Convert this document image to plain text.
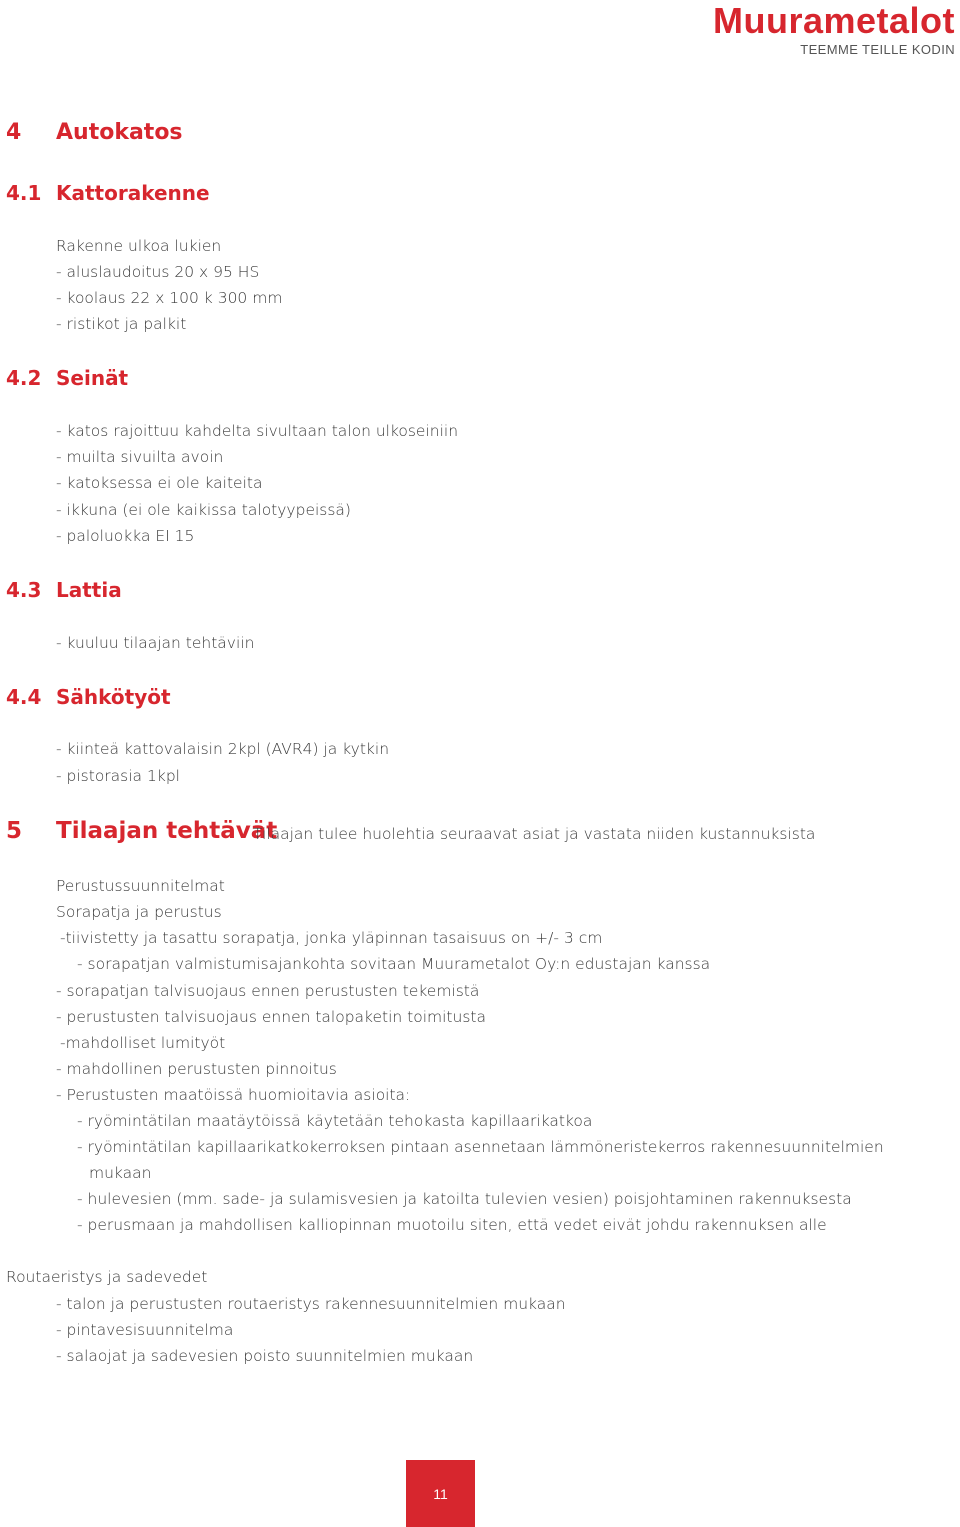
Muurametalot
TEEMME TEILLE KODIN
4 Autokatos
4.1 Kattorakenne
Rakenne ulkoa lukien
- aluslaudoitus 20 x 95 HS
- koolaus 22 x 100 k 300 mm
- ristikot ja palkit
4.2 Seinät
- katos rajoittuu kahdelta sivultaan talon ulkoseiniin
- muilta sivuilta avoin
- katoksessa ei ole kaiteita
- ikkuna (ei ole kaikissa talotyypeissä)
- paloluokka EI 15
4.3 Lattia
- kuuluu tilaajan tehtäviin
4.4 Sähkötyöt
- kiinteä kattovalaisin 2kpl (AVR4) ja kytkin
- pistorasia 1kpl
5 Tilaajan tehtävät
Tilaajan tulee huolehtia seuraavat asiat ja vastata niiden kustannuksista
Perustussuunnitelmat
Sorapatja ja perustus
-tiivistetty ja tasattu sorapatja, jonka yläpinnan tasaisuus on +/- 3 cm
- sorapatjan valmistumisajankohta sovitaan Muurametalot Oy:n edustajan kanssa
- sorapatjan talvisuojaus ennen perustusten tekemistä
- perustusten talvisuojaus ennen talopaketin toimitusta
-mahdolliset lumityöt
- mahdollinen perustusten pinnoitus
- Perustusten maatöissä huomioitavia asioita:
- ryömintätilan maatäytöissä käytetään tehokasta kapillaarikatkoa
- ryömintätilan kapillaarikatkokerroksen pintaan asennetaan lämmöneristekerros rakennesuunnitelmien
mukaan
- hulevesien (mm. sade- ja sulamisvesien ja katoilta tulevien vesien) poisjohtaminen rakennuksesta
- perusmaan ja mahdollisen kalliopinnan muotoilu siten, että vedet eivät johdu rakennuksen alle
Routaeristys ja sadevedet
- talon ja perustusten routaeristys rakennesuunnitelmien mukaan
- pintavesisuunnitelma
- salaojat ja sadevesien poisto suunnitelmien mukaan
11
